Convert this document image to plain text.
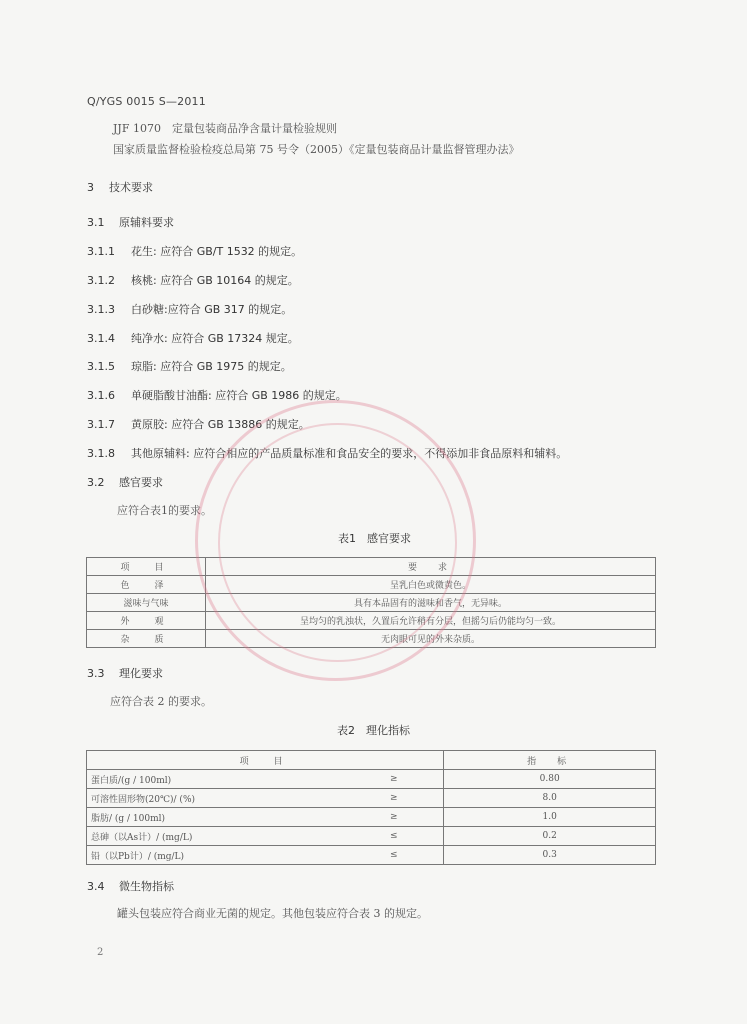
Q/YGS 0015 S—2011
JJF 1070　定量包装商品净含量计量检验规则
国家质量监督检验检疫总局第 75 号令（2005）《定量包装商品计量监督管理办法》
3 技术要求
3.1 原辅料要求
3.1.1 花生: 应符合 GB/T 1532 的规定。
3.1.2 核桃: 应符合 GB 10164 的规定。
3.1.3 白砂糖:应符合 GB 317 的规定。
3.1.4 纯净水: 应符合 GB 17324 规定。
3.1.5 琼脂: 应符合 GB 1975 的规定。
3.1.6 单硬脂酸甘油酯: 应符合 GB 1986 的规定。
3.1.7 黄原胶: 应符合 GB 13886 的规定。
3.1.8 其他原辅料: 应符合相应的产品质量标准和食品安全的要求，不得添加非食品原料和辅料。
3.2 感官要求
应符合表1的要求。
表1　感官要求
项　目	要　求
色　泽	呈乳白色或微黄色。
滋味与气味	具有本品固有的滋味和香气，无异味。
外　观	呈均匀的乳浊状，久置后允许稍有分层，但摇匀后仍能均匀一致。
杂　质	无肉眼可见的外来杂质。
3.3 理化要求
应符合表 2 的要求。
表2　理化指标
项　目		指　标
蛋白质/(g / 100ml)	≥	0.80
可溶性固形物(20℃)/ (%)	≥	8.0
脂肪/ (g / 100ml)	≥	1.0
总砷（以As计）/ (mg/L)	≤	0.2
铅（以Pb计）/ (mg/L)	≤	0.3
3.4 微生物指标
罐头包装应符合商业无菌的规定。其他包装应符合表 3 的规定。
2
